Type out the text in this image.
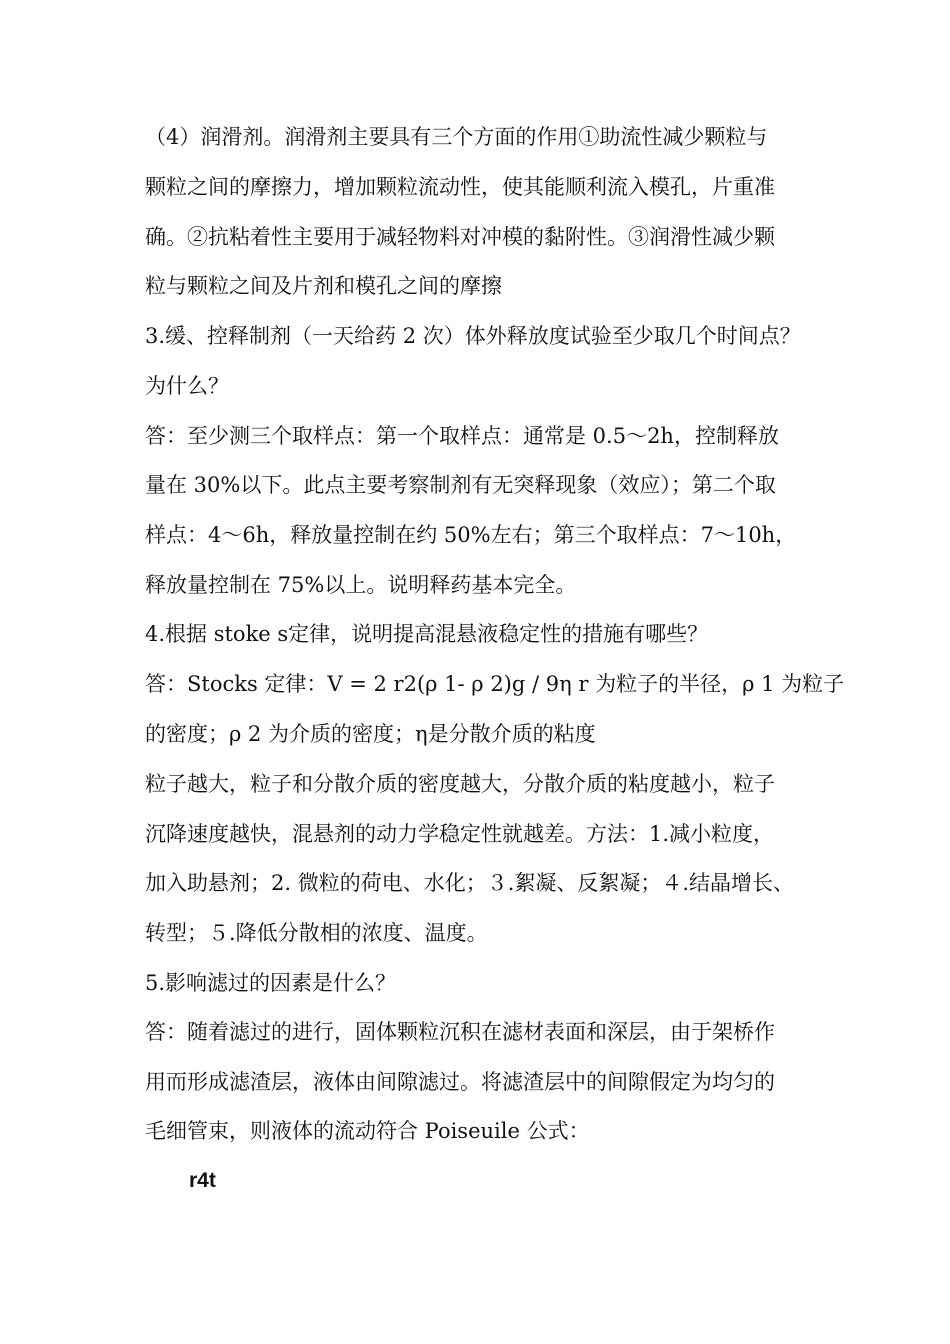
（4）润滑剂。润滑剂主要具有三个方面的作用①助流性减少颗粒与
颗粒之间的摩擦力，增加颗粒流动性，使其能顺利流入模孔，片重准
确。②抗粘着性主要用于减轻物料对冲模的黏附性。③润滑性减少颗
粒与颗粒之间及片剂和模孔之间的摩擦
3.缓、控释制剂（一天给药 2 次）体外释放度试验至少取几个时间点？
为什么？
答：至少测三个取样点：第一个取样点：通常是 0.5～2h，控制释放
量在 30%以下。此点主要考察制剂有无突释现象（效应）；第二个取
样点：4～6h，释放量控制在约 50%左右；第三个取样点：7～10h，
释放量控制在 75%以上。说明释药基本完全。
4.根据 stoke s定律，说明提高混悬液稳定性的措施有哪些？
答：Stocks 定律：V = 2 r2(ρ 1- ρ 2)g / 9η r 为粒子的半径，ρ 1 为粒子
的密度；ρ 2 为介质的密度；η是分散介质的粘度
粒子越大，粒子和分散介质的密度越大，分散介质的粘度越小，粒子
沉降速度越快，混悬剂的动力学稳定性就越差。方法：1.减小粒度，
加入助悬剂；2. 微粒的荷电、水化；３.絮凝、反絮凝；４.结晶增长、
转型；５.降低分散相的浓度、温度。
5.影响滤过的因素是什么？
答：随着滤过的进行，固体颗粒沉积在滤材表面和深层，由于架桥作
用而形成滤渣层，液体由间隙滤过。将滤渣层中的间隙假定为均匀的
毛细管束，则液体的流动符合 Poiseuile 公式：
r4t
